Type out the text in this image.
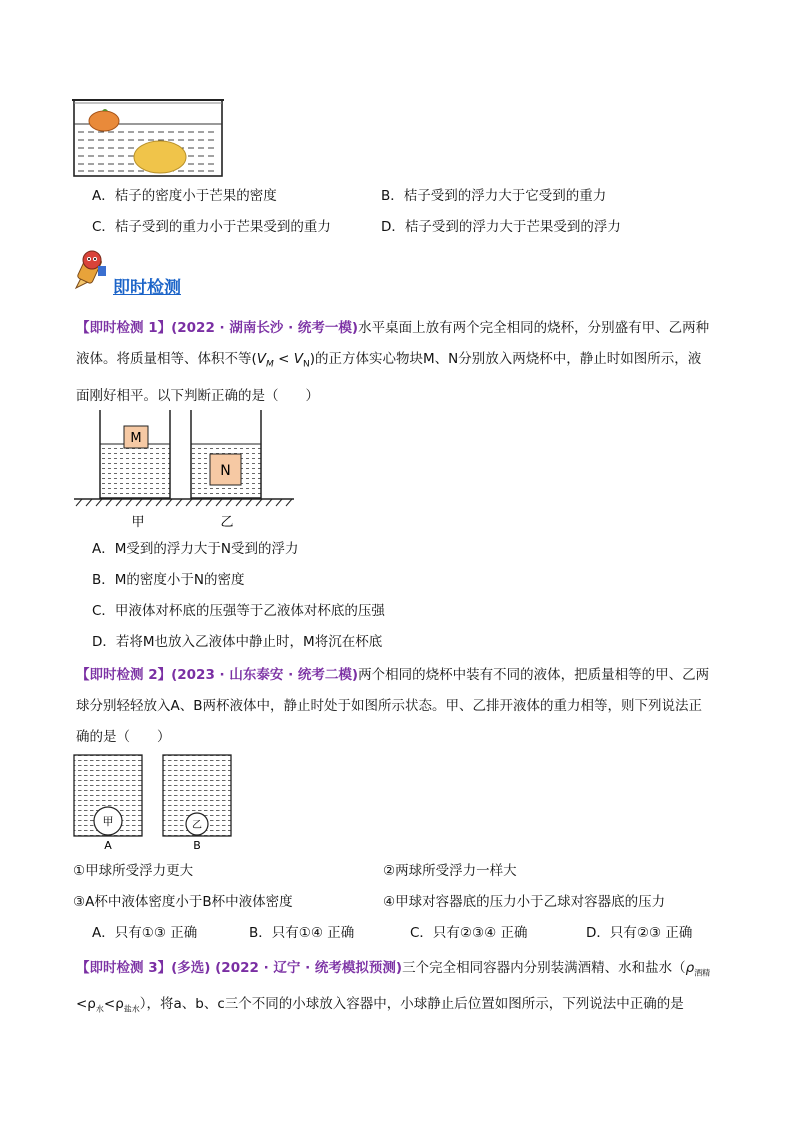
A．桔子的密度小于芒果的密度	B．桔子受到的浮力大于它受到的重力
C．桔子受到的重力小于芒果受到的重力	D．桔子受到的浮力大于芒果受到的浮力
即时检测
【即时检测 1】(2022 · 湖南长沙 · 统考一模)水平桌面上放有两个完全相同的烧杯，分别盛有甲、乙两种
液体。将质量相等、体积不等$(V_M < V_N)$的正方体实心物块M、N分别放入两烧杯中，静止时如图所示，液
面刚好相平。以下判断正确的是（　　）
M
N
甲	乙
A．M受到的浮力大于N受到的浮力
B．M的密度小于N的密度
C．甲液体对杯底的压强等于乙液体对杯底的压强
D．若将M也放入乙液体中静止时，M将沉在杯底
【即时检测 2】(2023 · 山东泰安 · 统考二模)两个相同的烧杯中装有不同的液体，把质量相等的甲、乙两
球分别轻轻放入A、B两杯液体中，静止时处于如图所示状态。甲、乙排开液体的重力相等，则下列说法正
确的是（　　）
甲	乙
A	B
①甲球所受浮力更大	②两球所受浮力一样大
③A杯中液体密度小于B杯中液体密度	④甲球对容器底的压力小于乙球对容器底的压力
A．只有①③ 正确	B．只有①④ 正确	C．只有②③④ 正确	D．只有②③ 正确
【即时检测 3】(多选) (2022 · 辽宁 · 统考模拟预测)三个完全相同容器内分别装满酒精、水和盐水$(\rho_{酒精}<\rho_水<\rho_{盐水})$，将a、b、c三个不同的小球放入容器中，小球静止后位置如图所示，下列说法中正确的是
